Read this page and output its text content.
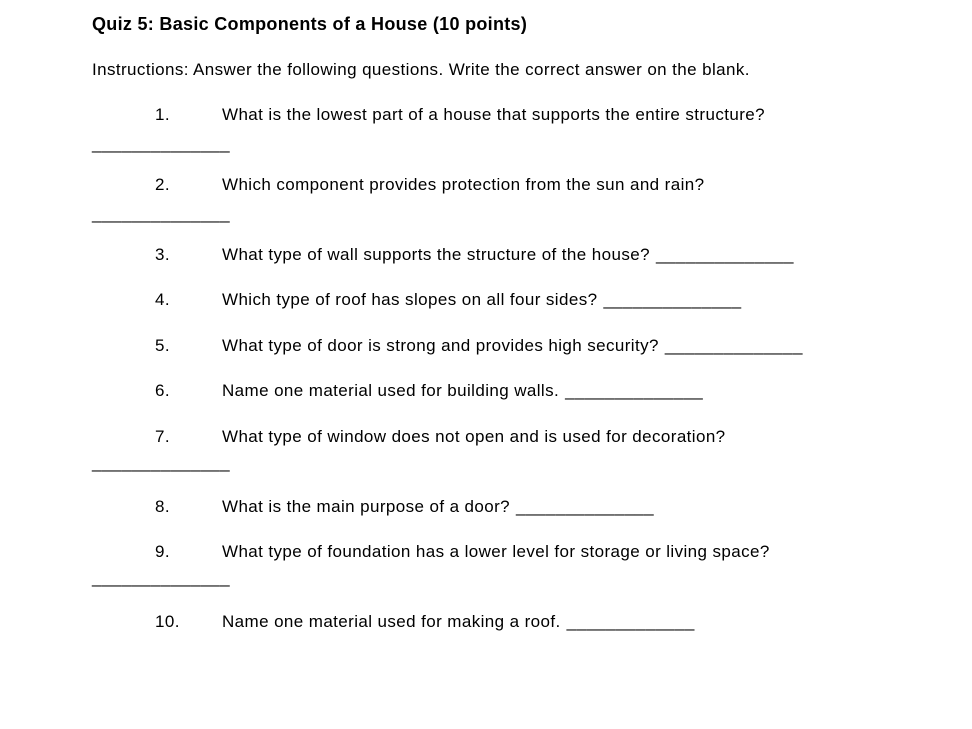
Quiz 5: Basic Components of a House (10 points)

Instructions: Answer the following questions. Write the correct answer on the blank.

1.	What is the lowest part of a house that supports the entire structure?
______________
2.	Which component provides protection from the sun and rain?
______________
3.	What type of wall supports the structure of the house? ______________
4.	Which type of roof has slopes on all four sides? ______________
5.	What type of door is strong and provides high security? ______________
6.	Name one material used for building walls. ______________
7.	What type of window does not open and is used for decoration?
______________
8.	What is the main purpose of a door? ______________
9.	What type of foundation has a lower level for storage or living space?
______________
10.	Name one material used for making a roof. _____________
